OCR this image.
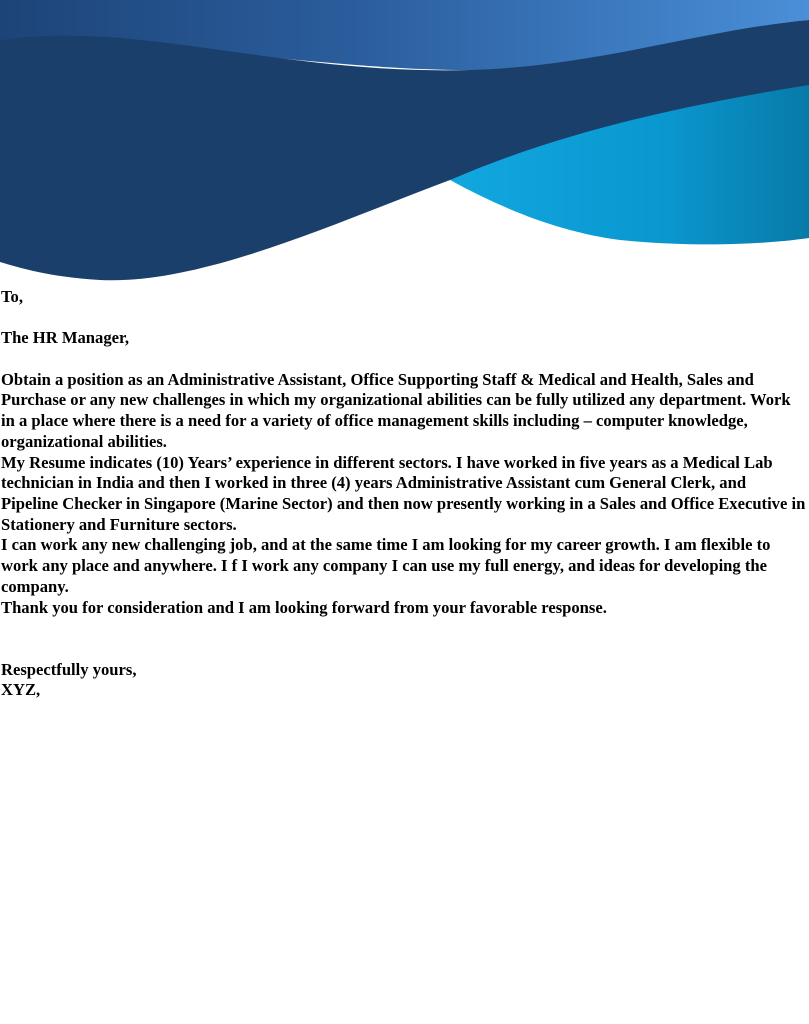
To,

The HR Manager,

Obtain a position as an Administrative Assistant, Office Supporting Staff & Medical and Health, Sales and Purchase or any new challenges in which my organizational abilities can be fully utilized any department. Work in a place where there is a need for a variety of office management skills including – computer knowledge, organizational abilities.

My Resume indicates (10) Years’ experience in different sectors. I have worked in five years as a Medical Lab technician in India and then I worked in three (4) years Administrative Assistant cum General Clerk, and Pipeline Checker in Singapore (Marine Sector) and then now presently working in a Sales and Office Executive in Stationery and Furniture sectors.

I can work any new challenging job, and at the same time I am looking for my career growth. I am flexible to work any place and anywhere. I f I work any company I can use my full energy, and ideas for developing the company.

Thank you for consideration and I am looking forward from your favorable response.

Respectfully yours,

XYZ,
